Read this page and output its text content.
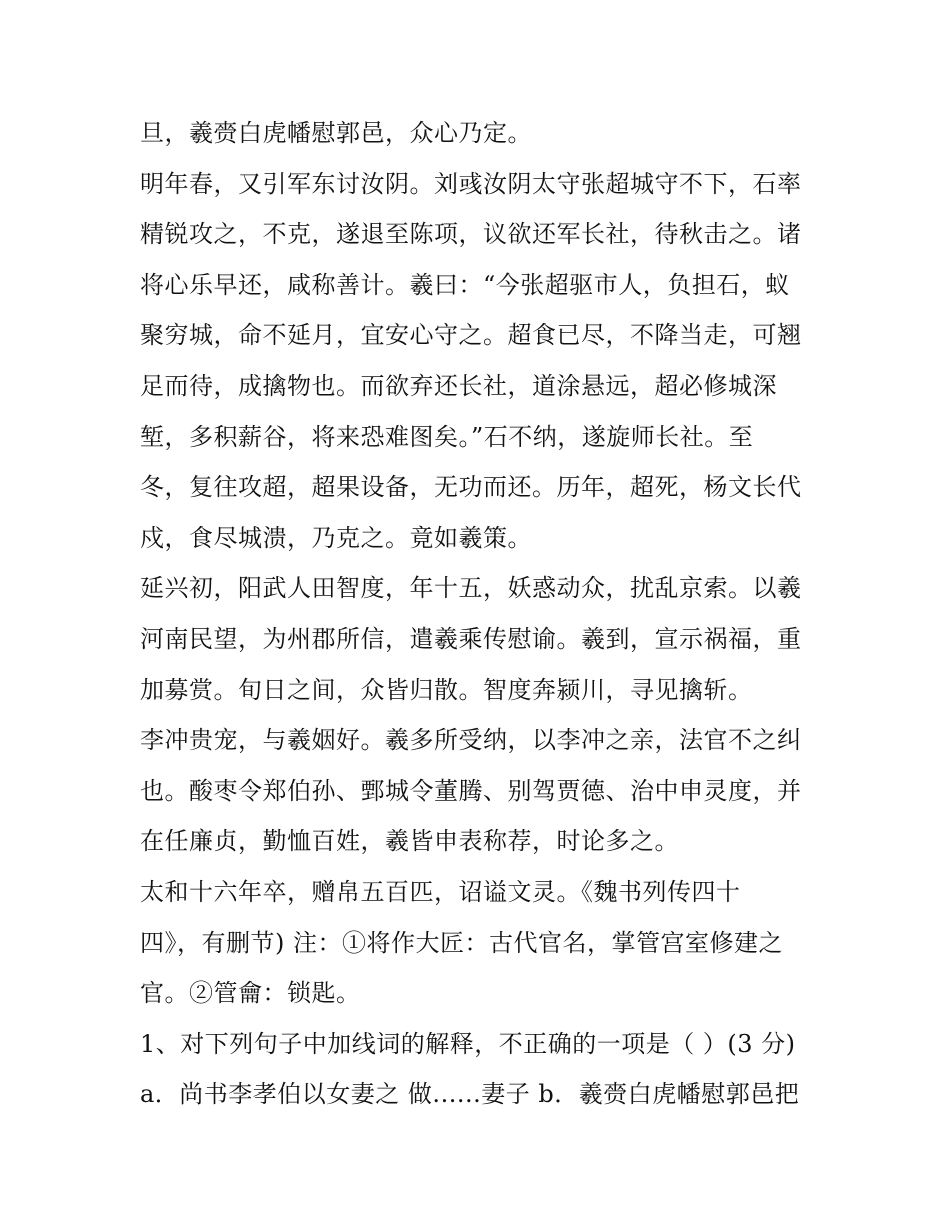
旦，羲赍白虎幡慰郭邑，众心乃定。
明年春，又引军东讨汝阴。刘彧汝阴太守张超城守不下，石率
精锐攻之，不克，遂退至陈项，议欲还军长社，待秋击之。诸
将心乐早还，咸称善计。羲曰：“今张超驱市人，负担石，蚁
聚穷城，命不延月，宜安心守之。超食已尽，不降当走，可翘
足而待，成擒物也。而欲弃还长社，道涂悬远，超必修城深
堑，多积薪谷，将来恐难图矣。”石不纳，遂旋师长社。至
冬，复往攻超，超果设备，无功而还。历年，超死，杨文长代
戍，食尽城溃，乃克之。竟如羲策。
延兴初，阳武人田智度，年十五，妖惑动众，扰乱京索。以羲
河南民望，为州郡所信，遣羲乘传慰谕。羲到，宣示祸福，重
加募赏。旬日之间，众皆归散。智度奔颍川，寻见擒斩。
李冲贵宠，与羲姻好。羲多所受纳，以李冲之亲，法官不之纠
也。酸枣令郑伯孙、鄄城令董腾、别驾贾德、治中申灵度，并
在任廉贞，勤恤百姓，羲皆申表称荐，时论多之。
太和十六年卒，赠帛五百匹，诏谥文灵。《魏书列传四十
四》，有删节) 注：①将作大匠：古代官名，掌管宫室修建之
官。②管龠：锁匙。
1、对下列句子中加线词的解释，不正确的一项是（ ）(3 分)
a．尚书李孝伯以女妻之 做......妻子 b．羲赍白虎幡慰郭邑把
